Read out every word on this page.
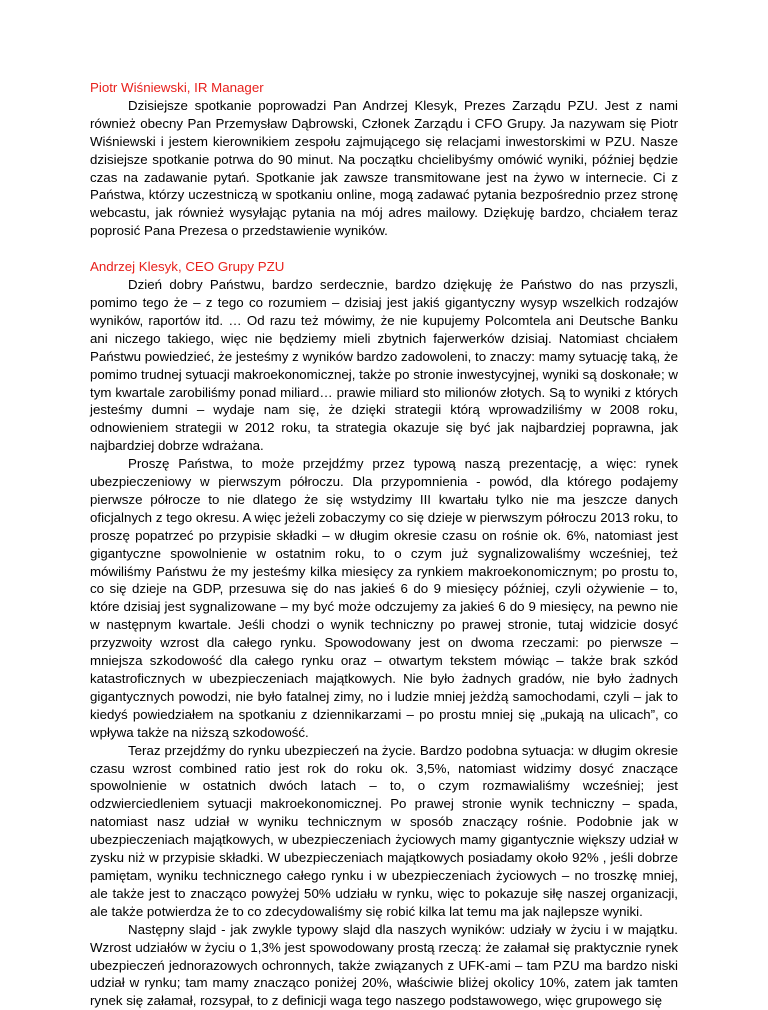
Piotr Wiśniewski, IR Manager

Dzisiejsze spotkanie poprowadzi Pan Andrzej Klesyk, Prezes Zarządu PZU. Jest z nami również obecny Pan Przemysław Dąbrowski, Członek Zarządu i CFO Grupy. Ja nazywam się Piotr Wiśniewski i jestem kierownikiem zespołu zajmującego się relacjami inwestorskimi w PZU. Nasze dzisiejsze spotkanie potrwa do 90 minut. Na początku chcielibyśmy omówić wyniki, później będzie czas na zadawanie pytań. Spotkanie jak zawsze transmitowane jest na żywo w internecie. Ci z Państwa, którzy uczestniczą w spotkaniu online, mogą zadawać pytania bezpośrednio przez stronę webcastu, jak również wysyłając pytania na mój adres mailowy. Dziękuję bardzo, chciałem teraz poprosić Pana Prezesa o przedstawienie wyników.

Andrzej Klesyk, CEO Grupy PZU

Dzień dobry Państwu, bardzo serdecznie, bardzo dziękuję że Państwo do nas przyszli, pomimo tego że – z tego co rozumiem – dzisiaj jest jakiś gigantyczny wysyp wszelkich rodzajów wyników, raportów itd. … Od razu też mówimy, że nie kupujemy Polcomtela ani Deutsche Banku ani niczego takiego, więc nie będziemy mieli zbytnich fajerwerków dzisiaj. Natomiast chciałem Państwu powiedzieć, że jesteśmy z wyników bardzo zadowoleni, to znaczy: mamy sytuację taką, że pomimo trudnej sytuacji makroekonomicznej, także po stronie inwestycyjnej, wyniki są doskonałe; w tym kwartale zarobiliśmy ponad miliard… prawie miliard sto milionów złotych. Są to wyniki z których jesteśmy dumni – wydaje nam się, że dzięki strategii którą wprowadziliśmy w 2008 roku, odnowieniem strategii w 2012 roku, ta strategia okazuje się być jak najbardziej poprawna, jak najbardziej dobrze wdrażana.

Proszę Państwa, to może przejdźmy przez typową naszą prezentację, a więc: rynek ubezpieczeniowy w pierwszym półroczu. Dla przypomnienia - powód, dla którego podajemy pierwsze półrocze to nie dlatego że się wstydzimy III kwartału tylko nie ma jeszcze danych oficjalnych z tego okresu. A więc jeżeli zobaczymy co się dzieje w pierwszym półroczu 2013 roku, to proszę popatrzeć po przypisie składki – w długim okresie czasu on rośnie ok. 6%, natomiast jest gigantyczne spowolnienie w ostatnim roku, to o czym już sygnalizowaliśmy wcześniej, też mówiliśmy Państwu że my jesteśmy kilka miesięcy za rynkiem makroekonomicznym; po prostu to, co się dzieje na GDP, przesuwa się do nas jakieś 6 do 9 miesięcy później, czyli ożywienie – to, które dzisiaj jest sygnalizowane – my być może odczujemy za jakieś 6 do 9 miesięcy, na pewno nie w następnym kwartale. Jeśli chodzi o wynik techniczny po prawej stronie, tutaj widzicie dosyć przyzwoity wzrost dla całego rynku. Spowodowany jest on dwoma rzeczami: po pierwsze – mniejsza szkodowość dla całego rynku oraz – otwartym tekstem mówiąc – także brak szkód katastroficznych w ubezpieczeniach majątkowych. Nie było żadnych gradów, nie było żadnych gigantycznych powodzi, nie było fatalnej zimy, no i ludzie mniej jeżdżą samochodami, czyli – jak to kiedyś powiedziałem na spotkaniu z dziennikarzami – po prostu mniej się „pukają na ulicach”, co wpływa także na niższą szkodowość.

Teraz przejdźmy do rynku ubezpieczeń na życie. Bardzo podobna sytuacja: w długim okresie czasu wzrost combined ratio jest rok do roku ok. 3,5%, natomiast widzimy dosyć znaczące spowolnienie w ostatnich dwóch latach – to, o czym rozmawialiśmy wcześniej; jest odzwierciedleniem sytuacji makroekonomicznej. Po prawej stronie wynik techniczny – spada, natomiast nasz udział w wyniku technicznym w sposób znaczący rośnie. Podobnie jak w ubezpieczeniach majątkowych, w ubezpieczeniach życiowych mamy gigantycznie większy udział w zysku niż w przypisie składki. W ubezpieczeniach majątkowych posiadamy około 92% , jeśli dobrze pamiętam, wyniku technicznego całego rynku i w ubezpieczeniach życiowych – no troszkę mniej, ale także jest to znacząco powyżej 50% udziału w rynku, więc to pokazuje siłę naszej organizacji, ale także potwierdza że to co zdecydowaliśmy się robić kilka lat temu ma jak najlepsze wyniki.

Następny slajd - jak zwykle typowy slajd dla naszych wyników: udziały w życiu i w majątku. Wzrost udziałów w życiu o 1,3% jest spowodowany prostą rzeczą: że załamał się praktycznie rynek ubezpieczeń jednorazowych ochronnych, także związanych z UFK-ami – tam PZU ma bardzo niski udział w rynku; tam mamy znacząco poniżej 20%, właściwie bliżej okolicy 10%, zatem jak tamten rynek się załamał, rozsypał, to z definicji waga tego naszego podstawowego, więc grupowego się
